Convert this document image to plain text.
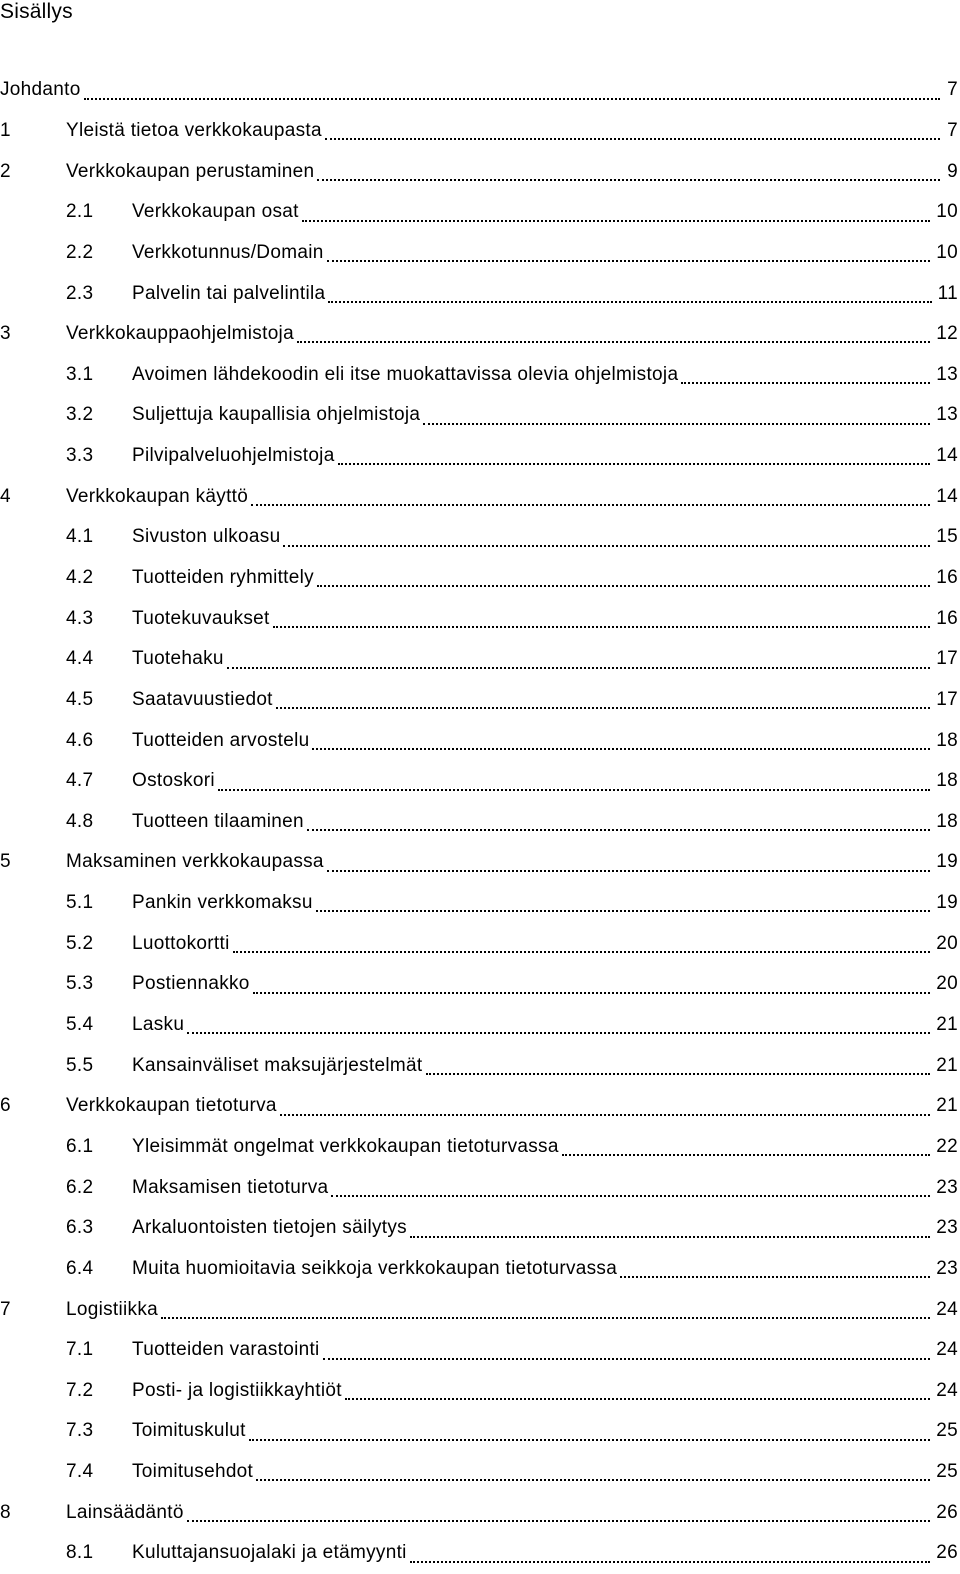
Sisällys
Johdanto	7
1	Yleistä tietoa verkkokaupasta	7
2	Verkkokaupan perustaminen	9
2.1	Verkkokaupan osat	10
2.2	Verkkotunnus/Domain	10
2.3	Palvelin tai palvelintila	11
3	Verkkokauppaohjelmistoja	12
3.1	Avoimen lähdekoodin eli itse muokattavissa olevia ohjelmistoja	13
3.2	Suljettuja kaupallisia ohjelmistoja	13
3.3	Pilvipalveluohjelmistoja	14
4	Verkkokaupan käyttö	14
4.1	Sivuston ulkoasu	15
4.2	Tuotteiden ryhmittely	16
4.3	Tuotekuvaukset	16
4.4	Tuotehaku	17
4.5	Saatavuustiedot	17
4.6	Tuotteiden arvostelu	18
4.7	Ostoskori	18
4.8	Tuotteen tilaaminen	18
5	Maksaminen verkkokaupassa	19
5.1	Pankin verkkomaksu	19
5.2	Luottokortti	20
5.3	Postiennakko	20
5.4	Lasku	21
5.5	Kansainväliset maksujärjestelmät	21
6	Verkkokaupan tietoturva	21
6.1	Yleisimmät ongelmat verkkokaupan tietoturvassa	22
6.2	Maksamisen tietoturva	23
6.3	Arkaluontoisten tietojen säilytys	23
6.4	Muita huomioitavia seikkoja verkkokaupan tietoturvassa	23
7	Logistiikka	24
7.1	Tuotteiden varastointi	24
7.2	Posti- ja logistiikkayhtiöt	24
7.3	Toimituskulut	25
7.4	Toimitusehdot	25
8	Lainsäädäntö	26
8.1	Kuluttajansuojalaki ja etämyynti	26
